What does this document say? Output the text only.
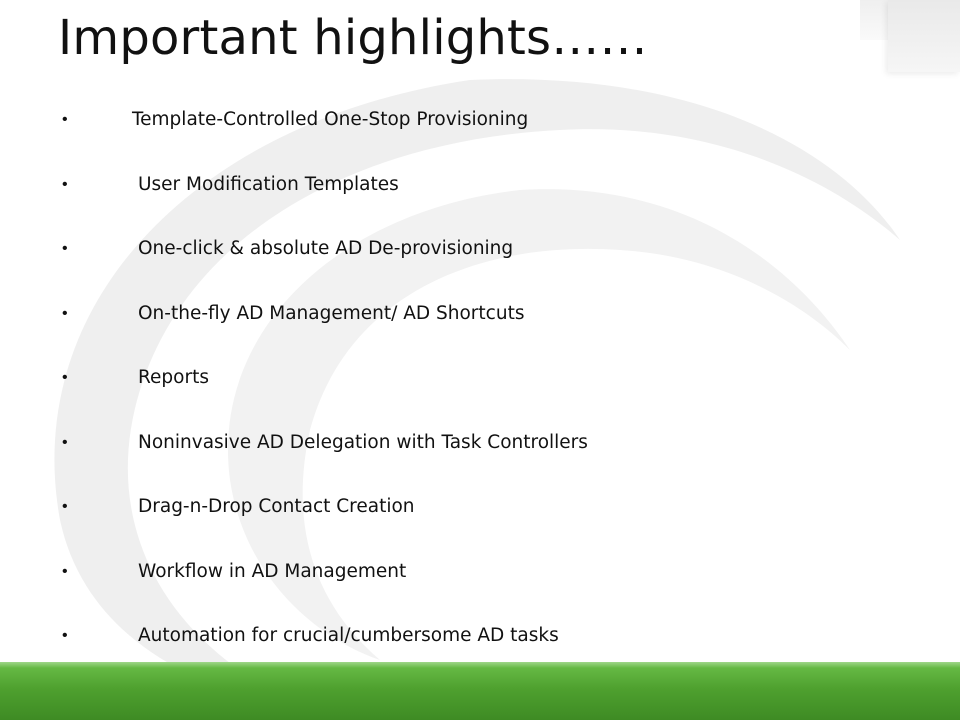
Important highlights……
•	Template-Controlled One-Stop Provisioning
•	User Modification Templates
•	One-click & absolute AD De-provisioning
•	On-the-fly AD Management/ AD Shortcuts
•	Reports
•	Noninvasive AD Delegation with Task Controllers
•	Drag-n-Drop Contact Creation
•	Workflow in AD Management
•	Automation for crucial/cumbersome AD tasks
